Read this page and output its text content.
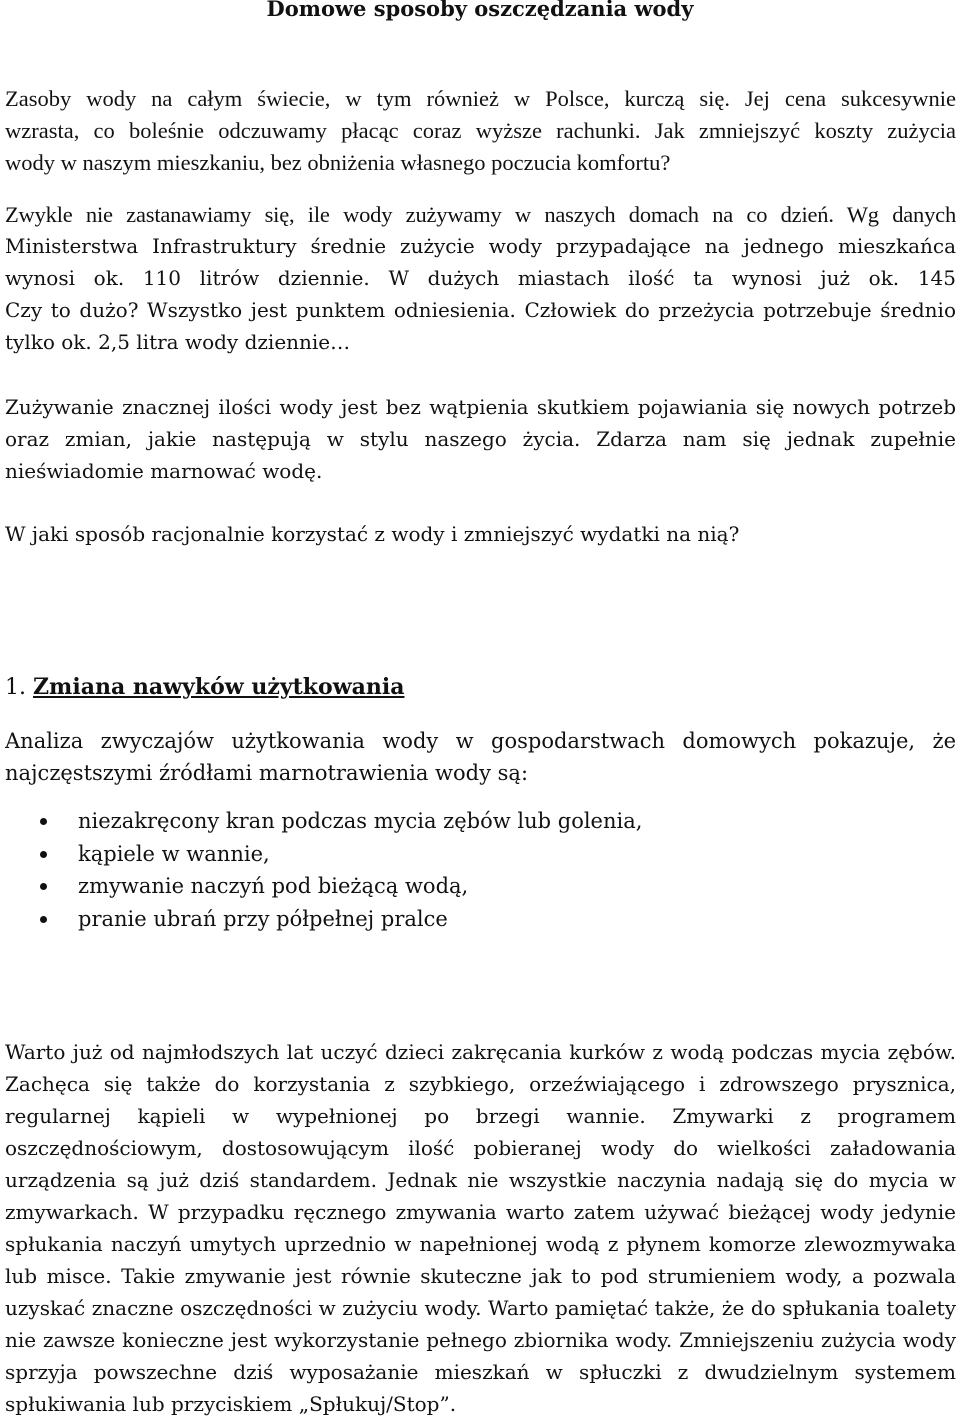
Domowe sposoby oszczędzania wody
Zasoby wody na całym świecie, w tym również w Polsce, kurczą się. Jej cena sukcesywnie
wzrasta, co boleśnie odczuwamy płacąc coraz wyższe rachunki. Jak zmniejszyć koszty zużycia
wody w naszym mieszkaniu, bez obniżenia własnego poczucia komfortu?
Zwykle nie zastanawiamy się, ile wody zużywamy w naszych domach na co dzień. Wg danych
Ministerstwa Infrastruktury średnie zużycie wody przypadające na jednego mieszkańca
wynosi ok. 110 litrów dziennie. W dużych miastach ilość ta wynosi już ok. 145
Czy to dużo? Wszystko jest punktem odniesienia. Człowiek do przeżycia potrzebuje średnio
tylko ok. 2,5 litra wody dziennie…
Zużywanie znacznej ilości wody jest bez wątpienia skutkiem pojawiania się nowych potrzeb
oraz zmian, jakie następują w stylu naszego życia. Zdarza nam się jednak zupełnie
nieświadomie marnować wodę.
W jaki sposób racjonalnie korzystać z wody i zmniejszyć wydatki na nią?
1. Zmiana nawyków użytkowania
Analiza zwyczajów użytkowania wody w gospodarstwach domowych pokazuje, że
najczęstszymi źródłami marnotrawienia wody są:
niezakręcony kran podczas mycia zębów lub golenia,
kąpiele w wannie,
zmywanie naczyń pod bieżącą wodą,
pranie ubrań przy półpełnej pralce
Warto już od najmłodszych lat uczyć dzieci zakręcania kurków z wodą podczas mycia zębów.
Zachęca się także do korzystania z szybkiego, orzeźwiającego i zdrowszego prysznica,
regularnej kąpieli w wypełnionej po brzegi wannie. Zmywarki z programem
oszczędnościowym, dostosowującym ilość pobieranej wody do wielkości załadowania
urządzenia są już dziś standardem. Jednak nie wszystkie naczynia nadają się do mycia w
zmywarkach. W przypadku ręcznego zmywania warto zatem używać bieżącej wody jedynie
spłukania naczyń umytych uprzednio w napełnionej wodą z płynem komorze zlewozmywaka
lub misce. Takie zmywanie jest równie skuteczne jak to pod strumieniem wody, a pozwala
uzyskać znaczne oszczędności w zużyciu wody. Warto pamiętać także, że do spłukania toalety
nie zawsze konieczne jest wykorzystanie pełnego zbiornika wody. Zmniejszeniu zużycia wody
sprzyja powszechne dziś wyposażanie mieszkań w spłuczki z dwudzielnym systemem
spłukiwania lub przyciskiem „Spłukuj/Stop”.
